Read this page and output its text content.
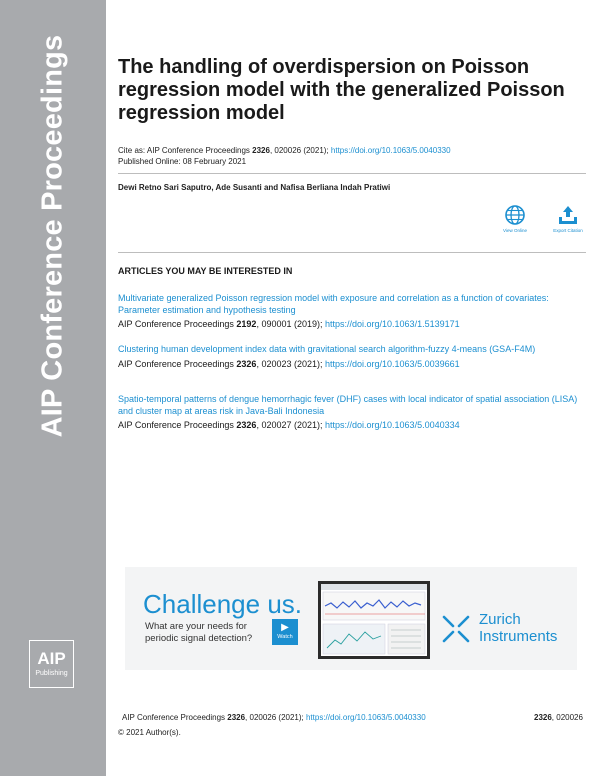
AIP Conference Proceedings
AIP
Publishing
The handling of overdispersion on Poisson regression model with the generalized Poisson regression model
Cite as: AIP Conference Proceedings 2326, 020026 (2021); https://doi.org/10.1063/5.0040330
Published Online: 08 February 2021
Dewi Retno Sari Saputro, Ade Susanti and Nafisa Berliana Indah Pratiwi
View Online	Export Citation
ARTICLES YOU MAY BE INTERESTED IN
Multivariate generalized Poisson regression model with exposure and correlation as a function of covariates: Parameter estimation and hypothesis testing
AIP Conference Proceedings 2192, 090001 (2019); https://doi.org/10.1063/1.5139171
Clustering human development index data with gravitational search algorithm-fuzzy 4-means (GSA-F4M)
AIP Conference Proceedings 2326, 020023 (2021); https://doi.org/10.1063/5.0039661
Spatio-temporal patterns of dengue hemorrhagic fever (DHF) cases with local indicator of spatial association (LISA) and cluster map at areas risk in Java-Bali Indonesia
AIP Conference Proceedings 2326, 020027 (2021); https://doi.org/10.1063/5.0040334
Challenge us.
What are your needs for
periodic signal detection?
▶
Watch
Zurich
Instruments
AIP Conference Proceedings 2326, 020026 (2021); https://doi.org/10.1063/5.0040330	2326, 020026
© 2021 Author(s).
